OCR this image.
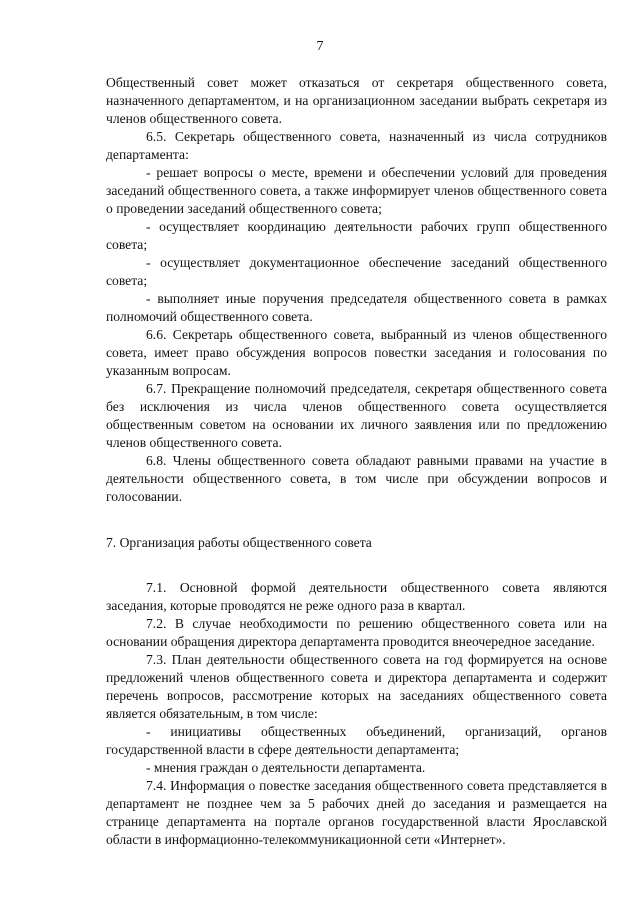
7

Общественный совет может отказаться от секретаря общественного совета, назначенного департаментом, и на организационном заседании выбрать секретаря из членов общественного совета.

6.5. Секретарь общественного совета, назначенный из числа сотрудников департамента:

- решает вопросы о месте, времени и обеспечении условий для проведения заседаний общественного совета, а также информирует членов общественного совета о проведении заседаний общественного совета;

- осуществляет координацию деятельности рабочих групп общественного совета;

- осуществляет документационное обеспечение заседаний общественного совета;

- выполняет иные поручения председателя общественного совета в рамках полномочий общественного совета.

6.6. Секретарь общественного совета, выбранный из членов общественного совета, имеет право обсуждения вопросов повестки заседания и голосования по указанным вопросам.

6.7. Прекращение полномочий председателя, секретаря общественного совета без исключения из числа членов общественного совета осуществляется общественным советом на основании их личного заявления или по предложению членов общественного совета.

6.8. Члены общественного совета обладают равными правами на участие в деятельности общественного совета, в том числе при обсуждении вопросов и голосовании.

7. Организация работы общественного совета

7.1. Основной формой деятельности общественного совета являются заседания, которые проводятся не реже одного раза в квартал.

7.2. В случае необходимости по решению общественного совета или на основании обращения директора департамента проводится внеочередное заседание.

7.3. План деятельности общественного совета на год формируется на основе предложений членов общественного совета и директора департамента и содержит перечень вопросов, рассмотрение которых на заседаниях общественного совета является обязательным, в том числе:

- инициативы общественных объединений, организаций, органов государственной власти в сфере деятельности департамента;

- мнения граждан о деятельности департамента.

7.4. Информация о повестке заседания общественного совета представляется в департамент не позднее чем за 5 рабочих дней до заседания и размещается на странице департамента на портале органов государственной власти Ярославской области в информационно-телекоммуникационной сети «Интернет».
